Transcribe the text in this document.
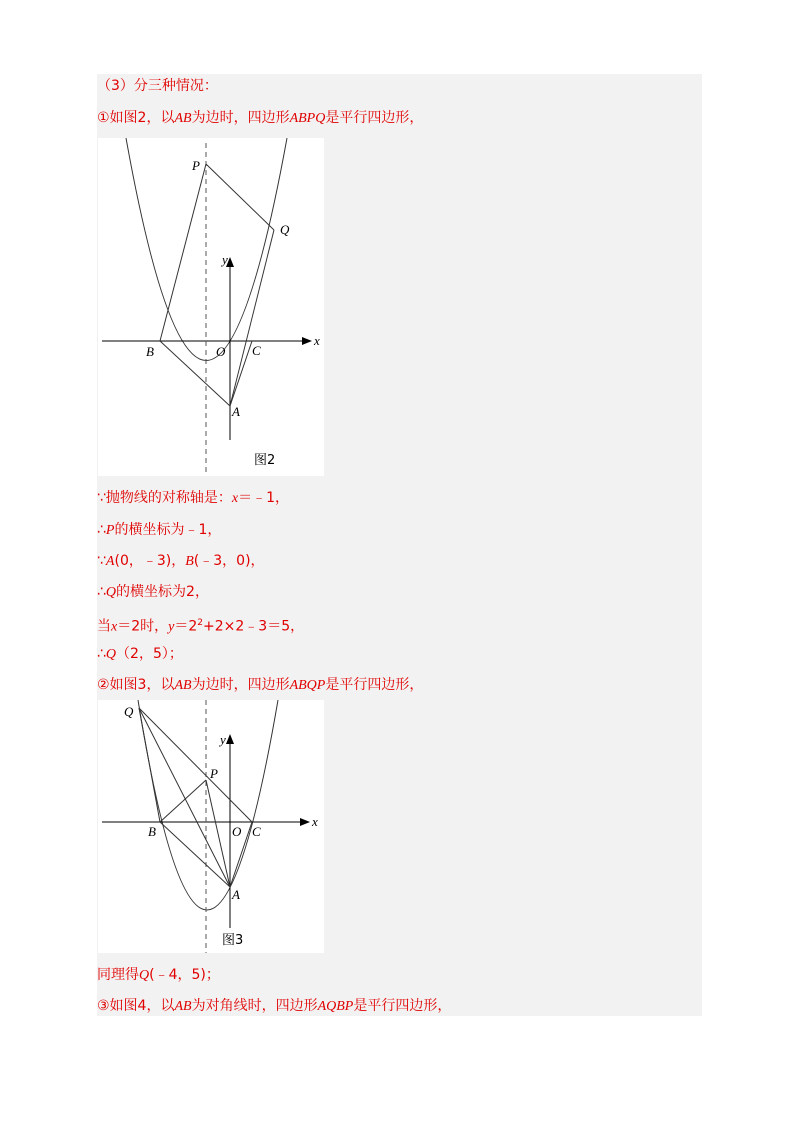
（3）分三种情况：
①如图2，以AB为边时，四边形ABPQ是平行四边形，
P
Q
y
x
B	O C
A
图2
∵抛物线的对称轴是：x＝﹣1，
∴P的横坐标为﹣1，
∵A(0，﹣3)，B(﹣3，0)，
∴Q的横坐标为2，
当x＝2时，$y=2^2+2\times 2﹣3=5$，
∴Q（2，5）；
②如图3，以AB为边时，四边形ABQP是平行四边形，
Q
P
y
x
B	O C
A
图3
同理得Q(﹣4，5)；
③如图4，以AB为对角线时，四边形AQBP是平行四边形，
